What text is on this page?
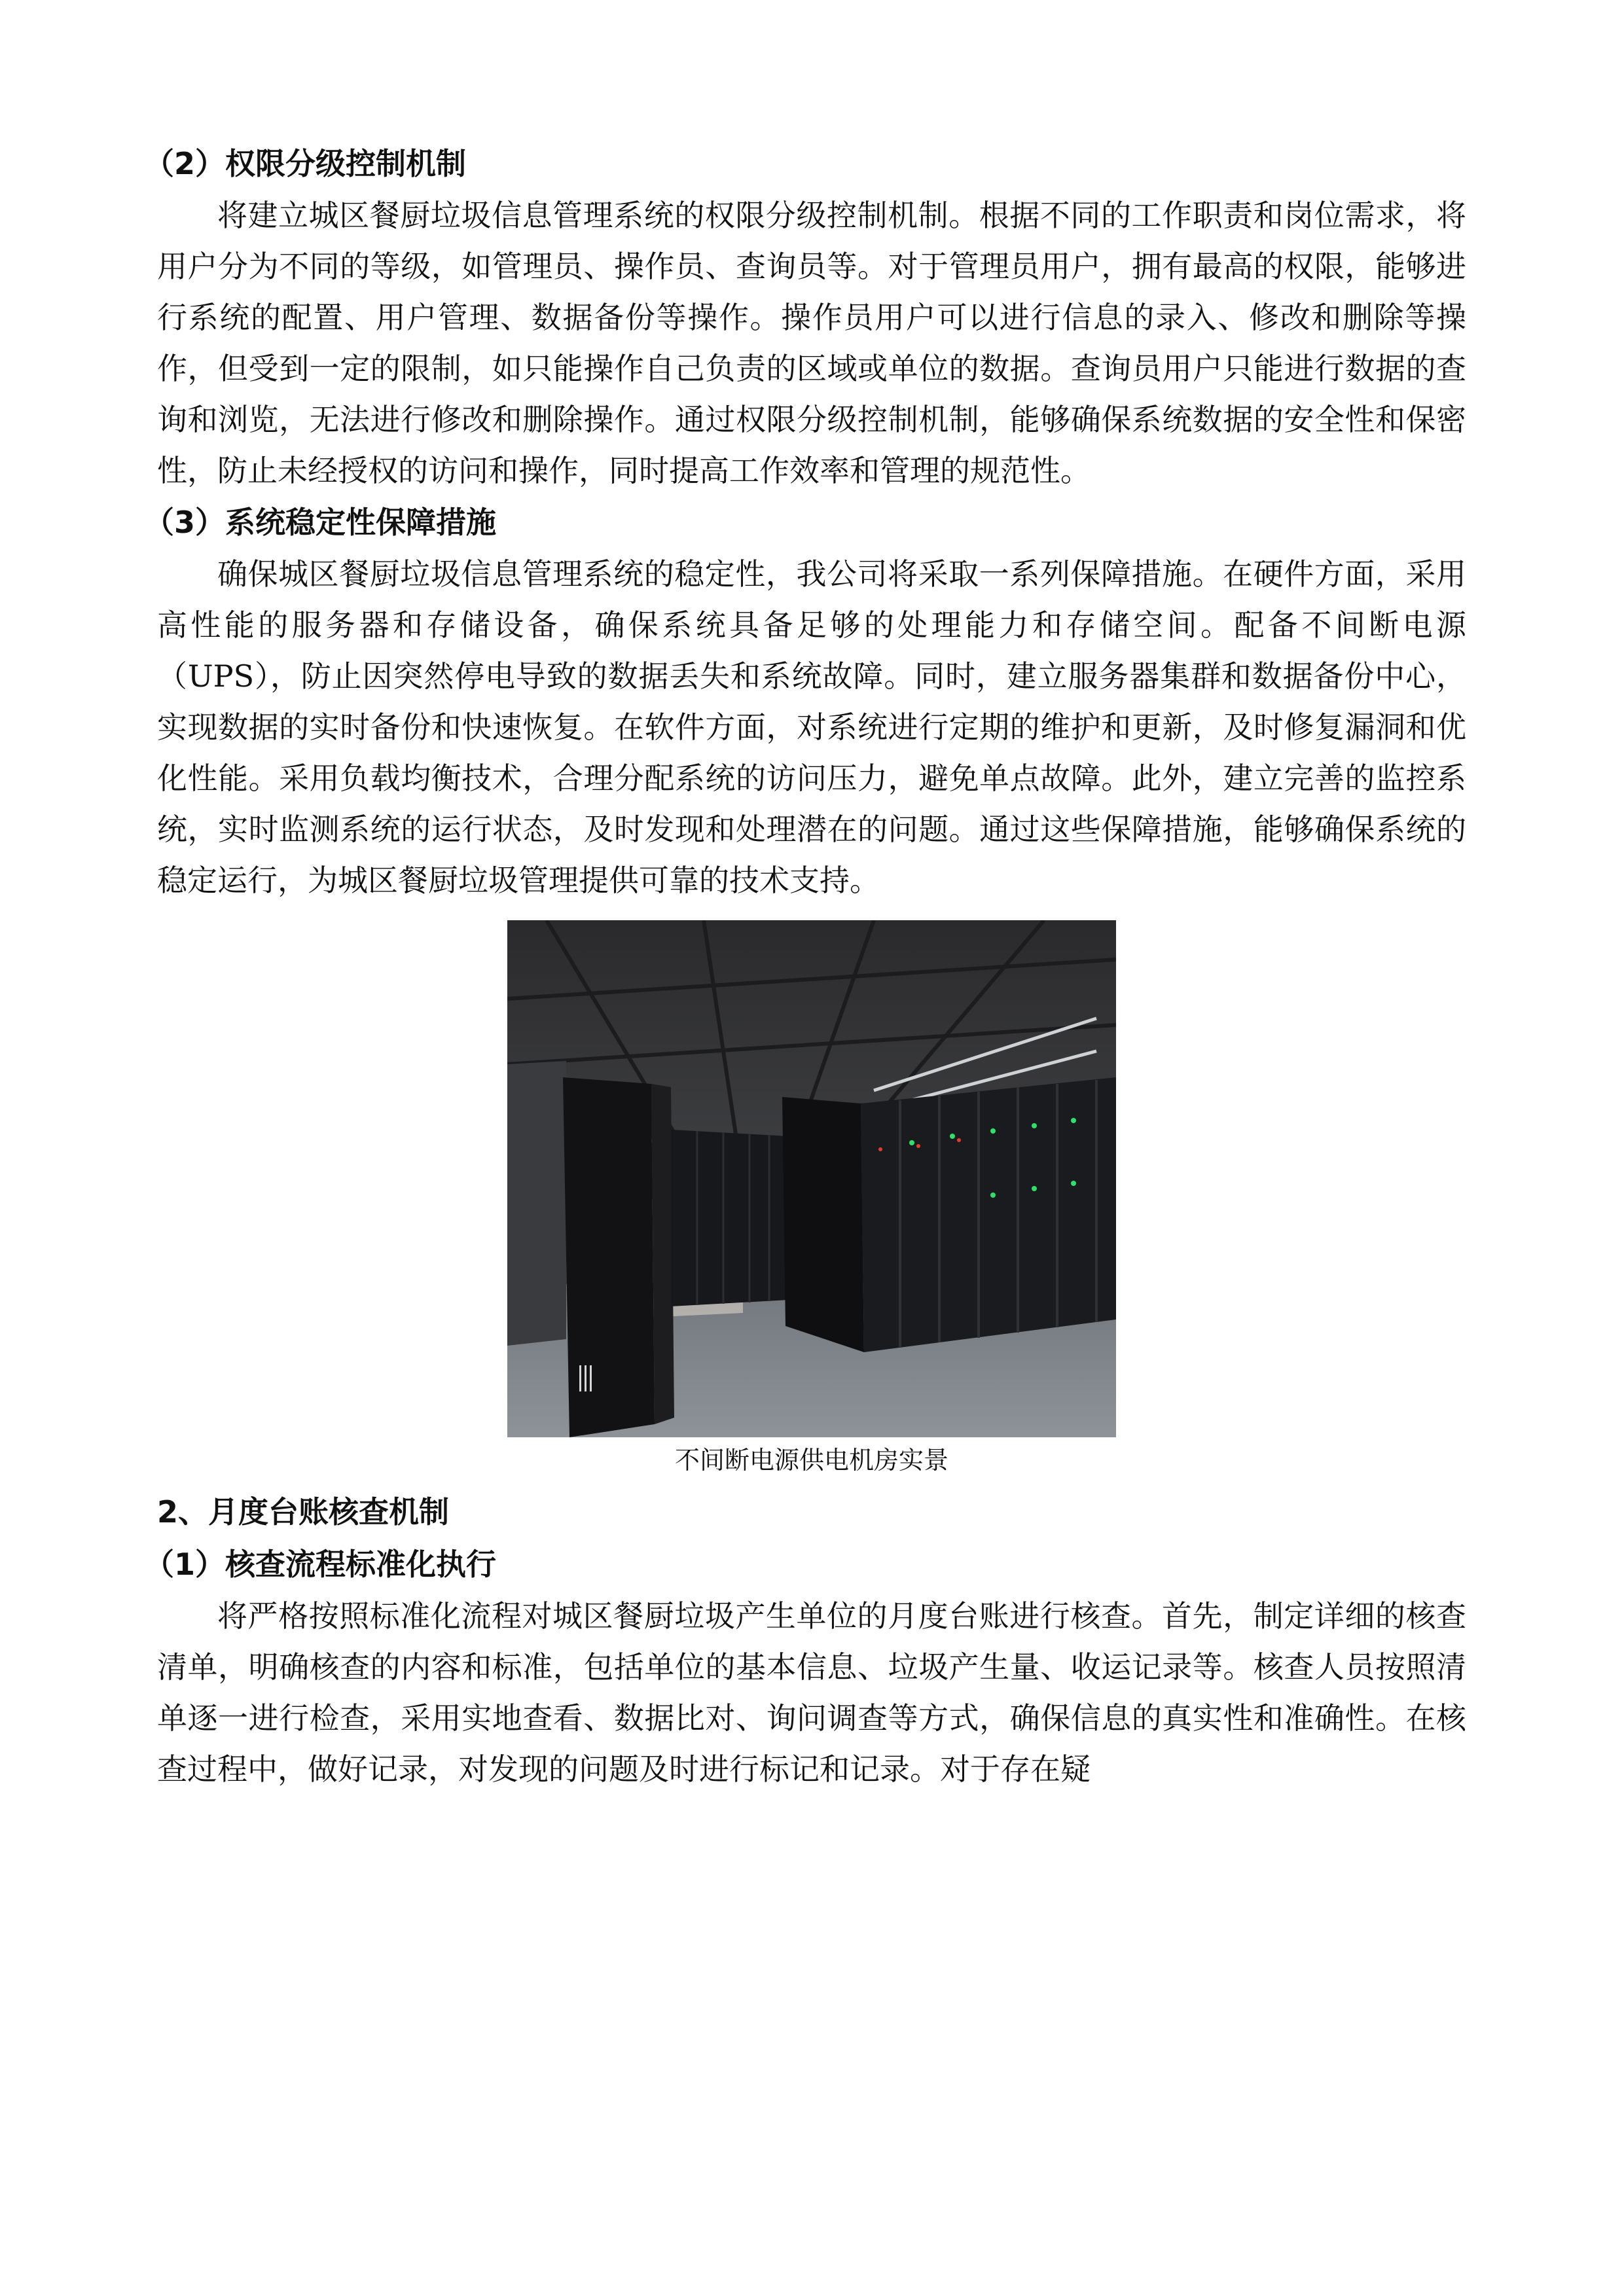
（2）权限分级控制机制

将建立城区餐厨垃圾信息管理系统的权限分级控制机制。根据不同的工作职责和岗位需求，将用户分为不同的等级，如管理员、操作员、查询员等。对于管理员用户，拥有最高的权限，能够进行系统的配置、用户管理、数据备份等操作。操作员用户可以进行信息的录入、修改和删除等操作，但受到一定的限制，如只能操作自己负责的区域或单位的数据。查询员用户只能进行数据的查询和浏览，无法进行修改和删除操作。通过权限分级控制机制，能够确保系统数据的安全性和保密性，防止未经授权的访问和操作，同时提高工作效率和管理的规范性。

（3）系统稳定性保障措施

确保城区餐厨垃圾信息管理系统的稳定性，我公司将采取一系列保障措施。在硬件方面，采用高性能的服务器和存储设备，确保系统具备足够的处理能力和存储空间。配备不间断电源（UPS），防止因突然停电导致的数据丢失和系统故障。同时，建立服务器集群和数据备份中心，实现数据的实时备份和快速恢复。在软件方面，对系统进行定期的维护和更新，及时修复漏洞和优化性能。采用负载均衡技术，合理分配系统的访问压力，避免单点故障。此外，建立完善的监控系统，实时监测系统的运行状态，及时发现和处理潜在的问题。通过这些保障措施，能够确保系统的稳定运行，为城区餐厨垃圾管理提供可靠的技术支持。

不间断电源供电机房实景

2、月度台账核查机制

（1）核查流程标准化执行

将严格按照标准化流程对城区餐厨垃圾产生单位的月度台账进行核查。首先，制定详细的核查清单，明确核查的内容和标准，包括单位的基本信息、垃圾产生量、收运记录等。核查人员按照清单逐一进行检查，采用实地查看、数据比对、询问调查等方式，确保信息的真实性和准确性。在核查过程中，做好记录，对发现的问题及时进行标记和记录。对于存在疑
